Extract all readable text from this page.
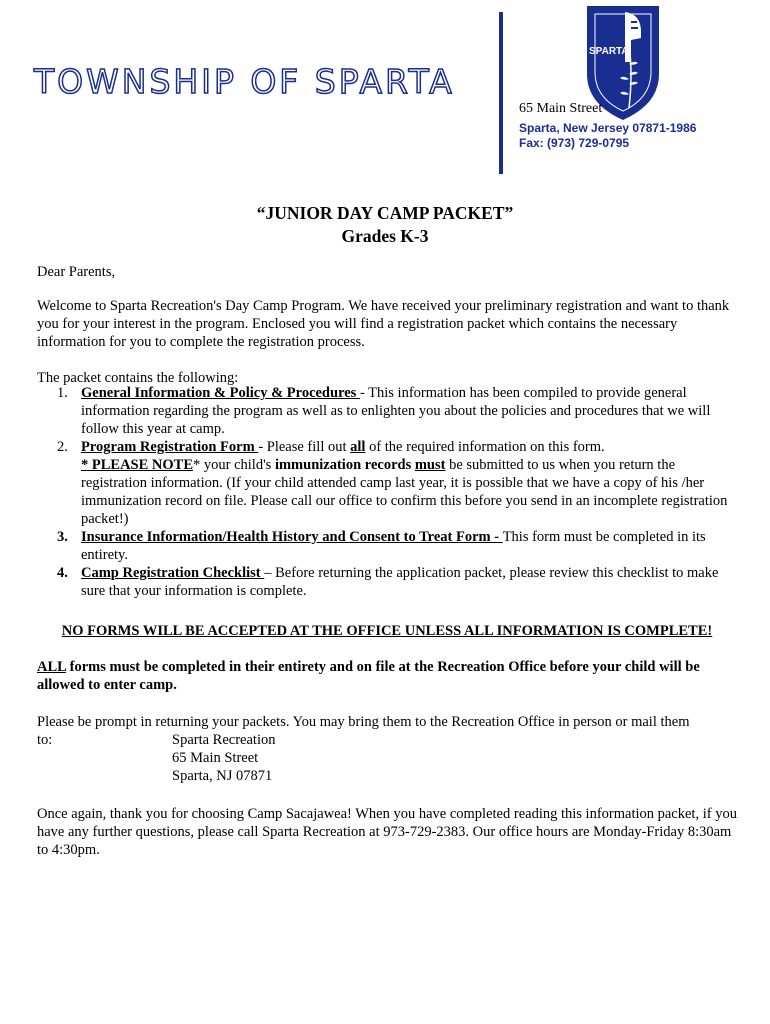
TOWNSHIP OF SPARTA
SPARTA
65 Main Street
Sparta, New Jersey 07871-1986
Fax: (973) 729-0795
“JUNIOR DAY CAMP PACKET”
Grades K-3
Dear Parents,
Welcome to Sparta Recreation's Day Camp Program. We have received your preliminary registration and want to thank you for your interest in the program. Enclosed you will find a registration packet which contains the necessary information for you to complete the registration process.
The packet contains the following:
1. General Information & Policy & Procedures - This information has been compiled to provide general information regarding the program as well as to enlighten you about the policies and procedures that we will follow this year at camp.
2. Program Registration Form - Please fill out all of the required information on this form.
* PLEASE NOTE* your child's immunization records must be submitted to us when you return the registration information. (If your child attended camp last year, it is possible that we have a copy of his /her immunization record on file. Please call our office to confirm this before you send in an incomplete registration packet!)
3. Insurance Information/Health History and Consent to Treat Form - This form must be completed in its entirety.
4. Camp Registration Checklist – Before returning the application packet, please review this checklist to make sure that your information is complete.
NO FORMS WILL BE ACCEPTED AT THE OFFICE UNLESS ALL INFORMATION IS COMPLETE!
ALL forms must be completed in their entirety and on file at the Recreation Office before your child will be allowed to enter camp.
Please be prompt in returning your packets. You may bring them to the Recreation Office in person or mail them
to:	Sparta Recreation
65 Main Street
Sparta, NJ 07871
Once again, thank you for choosing Camp Sacajawea! When you have completed reading this information packet, if you have any further questions, please call Sparta Recreation at 973-729-2383. Our office hours are Monday-Friday 8:30am to 4:30pm.
